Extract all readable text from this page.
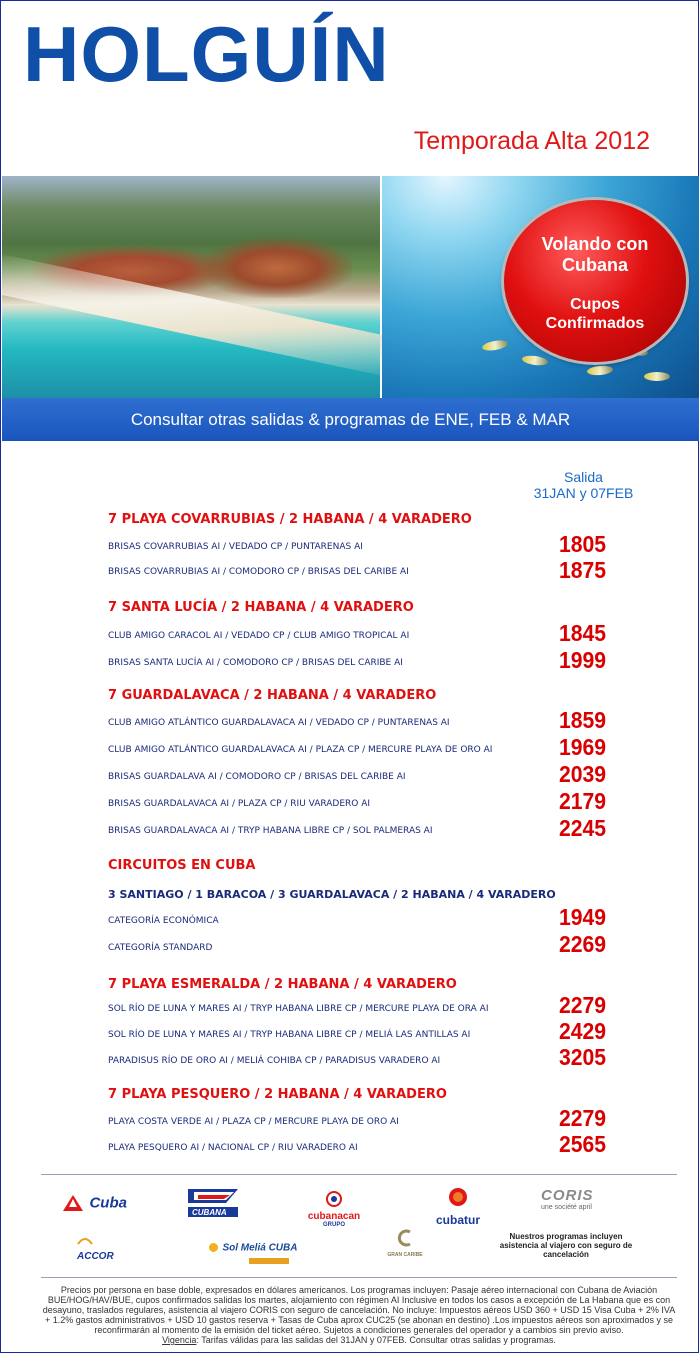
HOLGUÍN
Temporada Alta 2012
Volando con Cubana
Cupos Confirmados
Consultar otras salidas & programas de ENE, FEB & MAR
Salida
31JAN y 07FEB
7 PLAYA COVARRUBIAS / 2 HABANA / 4 VARADERO
BRISAS COVARRUBIAS AI / VEDADO CP / PUNTARENAS AI	1805
BRISAS COVARRUBIAS AI / COMODORO CP / BRISAS DEL CARIBE AI	1875
7 SANTA LUCÍA / 2 HABANA / 4 VARADERO
CLUB AMIGO CARACOL AI / VEDADO CP / CLUB AMIGO TROPICAL AI	1845
BRISAS SANTA LUCÍA AI / COMODORO CP / BRISAS DEL CARIBE AI	1999
7 GUARDALAVACA / 2 HABANA / 4 VARADERO
CLUB AMIGO ATLÁNTICO GUARDALAVACA AI / VEDADO CP / PUNTARENAS AI	1859
CLUB AMIGO ATLÁNTICO GUARDALAVACA AI / PLAZA CP / MERCURE PLAYA DE ORO AI	1969
BRISAS GUARDALAVA AI / COMODORO CP / BRISAS DEL CARIBE AI	2039
BRISAS GUARDALAVACA AI / PLAZA CP / RIU VARADERO AI	2179
BRISAS GUARDALAVACA AI / TRYP HABANA LIBRE CP / SOL PALMERAS AI	2245
CIRCUITOS EN CUBA
3 SANTIAGO / 1 BARACOA / 3 GUARDALAVACA / 2 HABANA / 4 VARADERO
CATEGORÍA ECONÓMICA	1949
CATEGORÍA STANDARD	2269
7 PLAYA ESMERALDA / 2 HABANA / 4 VARADERO
SOL RÍO DE LUNA Y MARES AI / TRYP HABANA LIBRE CP / MERCURE PLAYA DE ORA AI	2279
SOL RÍO DE LUNA Y MARES AI / TRYP HABANA LIBRE CP / MELIÁ LAS ANTILLAS AI	2429
PARADISUS RÍO DE ORO AI / MELIÁ COHIBA CP / PARADISUS VARADERO AI	3205
7 PLAYA PESQUERO / 2 HABANA / 4 VARADERO
PLAYA COSTA VERDE AI / PLAZA CP / MERCURE PLAYA DE ORO AI	2279
PLAYA PESQUERO AI / NACIONAL CP / RIU VARADERO AI	2565
Cuba
CUBANA	cubanacan
GRUPO	cubatur
CORIS
une société april
ACCOR
Sol Meliá CUBA
GRAN CARIBE
Nuestros programas incluyen asistencia al viajero con seguro de cancelación
Precios por persona en base doble, expresados en dólares americanos. Los programas incluyen: Pasaje aéreo internacional con Cubana de Aviación BUE/HOG/HAV/BUE, cupos confirmados salidas los martes, alojamiento con régimen AI Inclusive en todos los casos a excepción de La Habana que es con desayuno, traslados regulares, asistencia al viajero CORIS con seguro de cancelación. No incluye: Impuestos aéreos USD 360 + USD 15 Visa Cuba + 2% IVA + 1.2% gastos administrativos + USD 10 gastos reserva + Tasas de Cuba aprox CUC25 (se abonan en destino) .Los impuestos aéreos son aproximados y se reconfirmarán al momento de la emisión del ticket aéreo. Sujetos a condiciones generales del operador y a cambios sin previo aviso.
Vigencia: Tarifas válidas para las salidas del 31JAN y 07FEB. Consultar otras salidas y programas.
